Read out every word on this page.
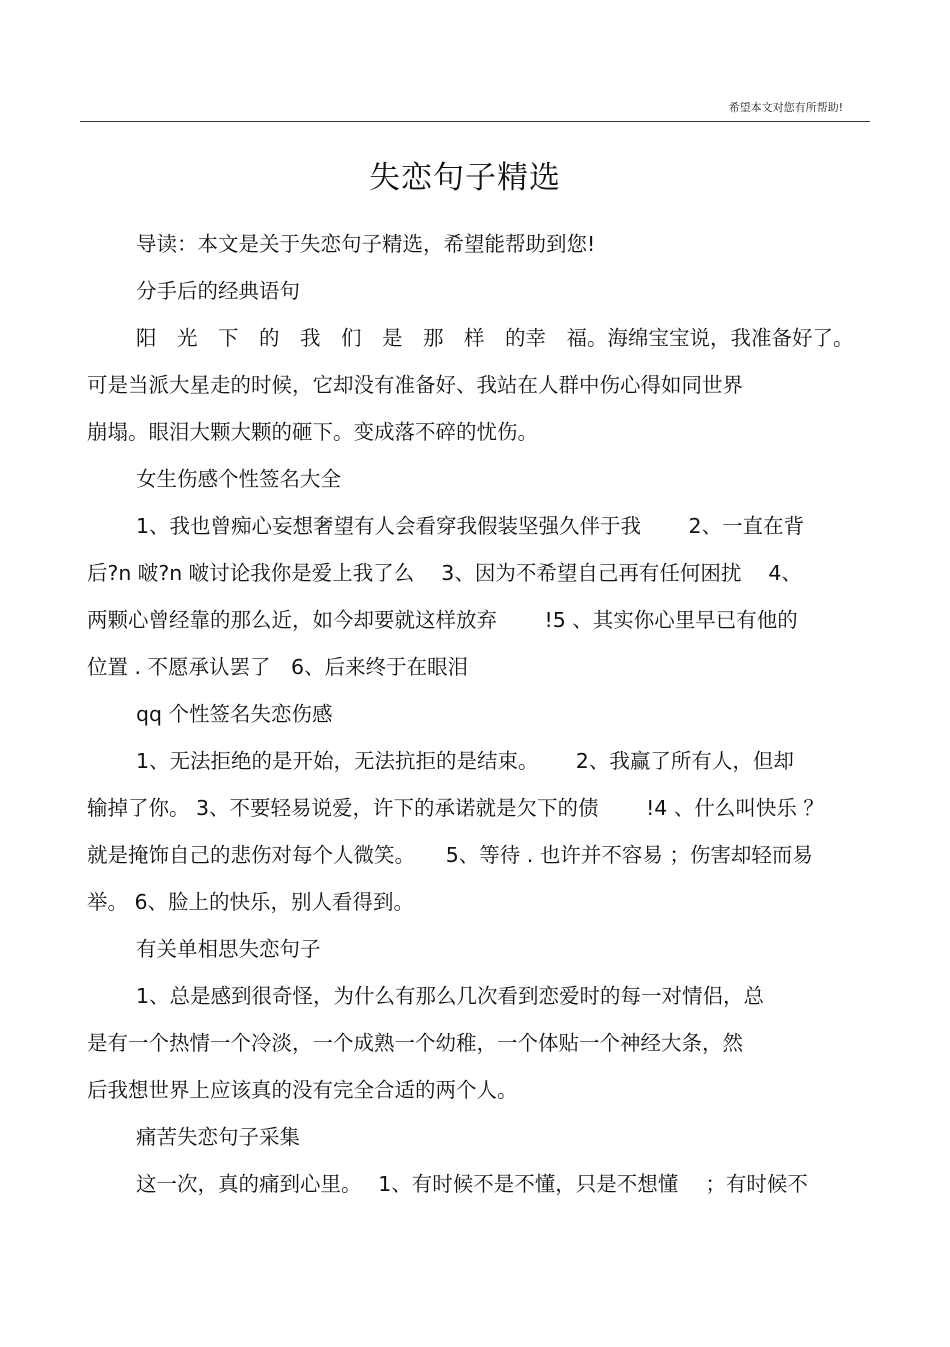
希望本文对您有所帮助!
失恋句子精选
导读：本文是关于失恋句子精选，希望能帮助到您!
分手后的经典语句
阳　光　下　的　我　们　是　那　样　的幸　福。海绵宝宝说，我准备好了。
可是当派大星走的时候，它却没有准备好、我站在人群中伤心得如同世界
崩塌。眼泪大颗大颗的砸下。变成落不碎的忧伤。
女生伤感个性签名大全
1、我也曾痴心妄想奢望有人会看穿我假装坚强久伴于我　　 2、一直在背
后?n 啵?n 啵讨论我你是爱上我了么　 3、因为不希望自己再有任何困扰　 4、
两颗心曾经靠的那么近，如今却要就这样放弃　　 !5 、其实你心里早已有他的
位置 . 不愿承认罢了　6、后来终于在眼泪
qq 个性签名失恋伤感
1、无法拒绝的是开始，无法抗拒的是结束。　　 2、我赢了所有人，但却
输掉了你。 3、不要轻易说爱，许下的承诺就是欠下的债　　 !4 、什么叫快乐 ？
就是掩饰自己的悲伤对每个人微笑。　　5、等待 . 也许并不容易 ；伤害却轻而易
举。 6、脸上的快乐，别人看得到。
有关单相思失恋句子
1、总是感到很奇怪，为什么有那么几次看到恋爱时的每一对情侣，总
是有一个热情一个冷淡，一个成熟一个幼稚，一个体贴一个神经大条，然
后我想世界上应该真的没有完全合适的两个人。
痛苦失恋句子采集
这一次，真的痛到心里。　 1、有时候不是不懂，只是不想懂　 ；有时候不
